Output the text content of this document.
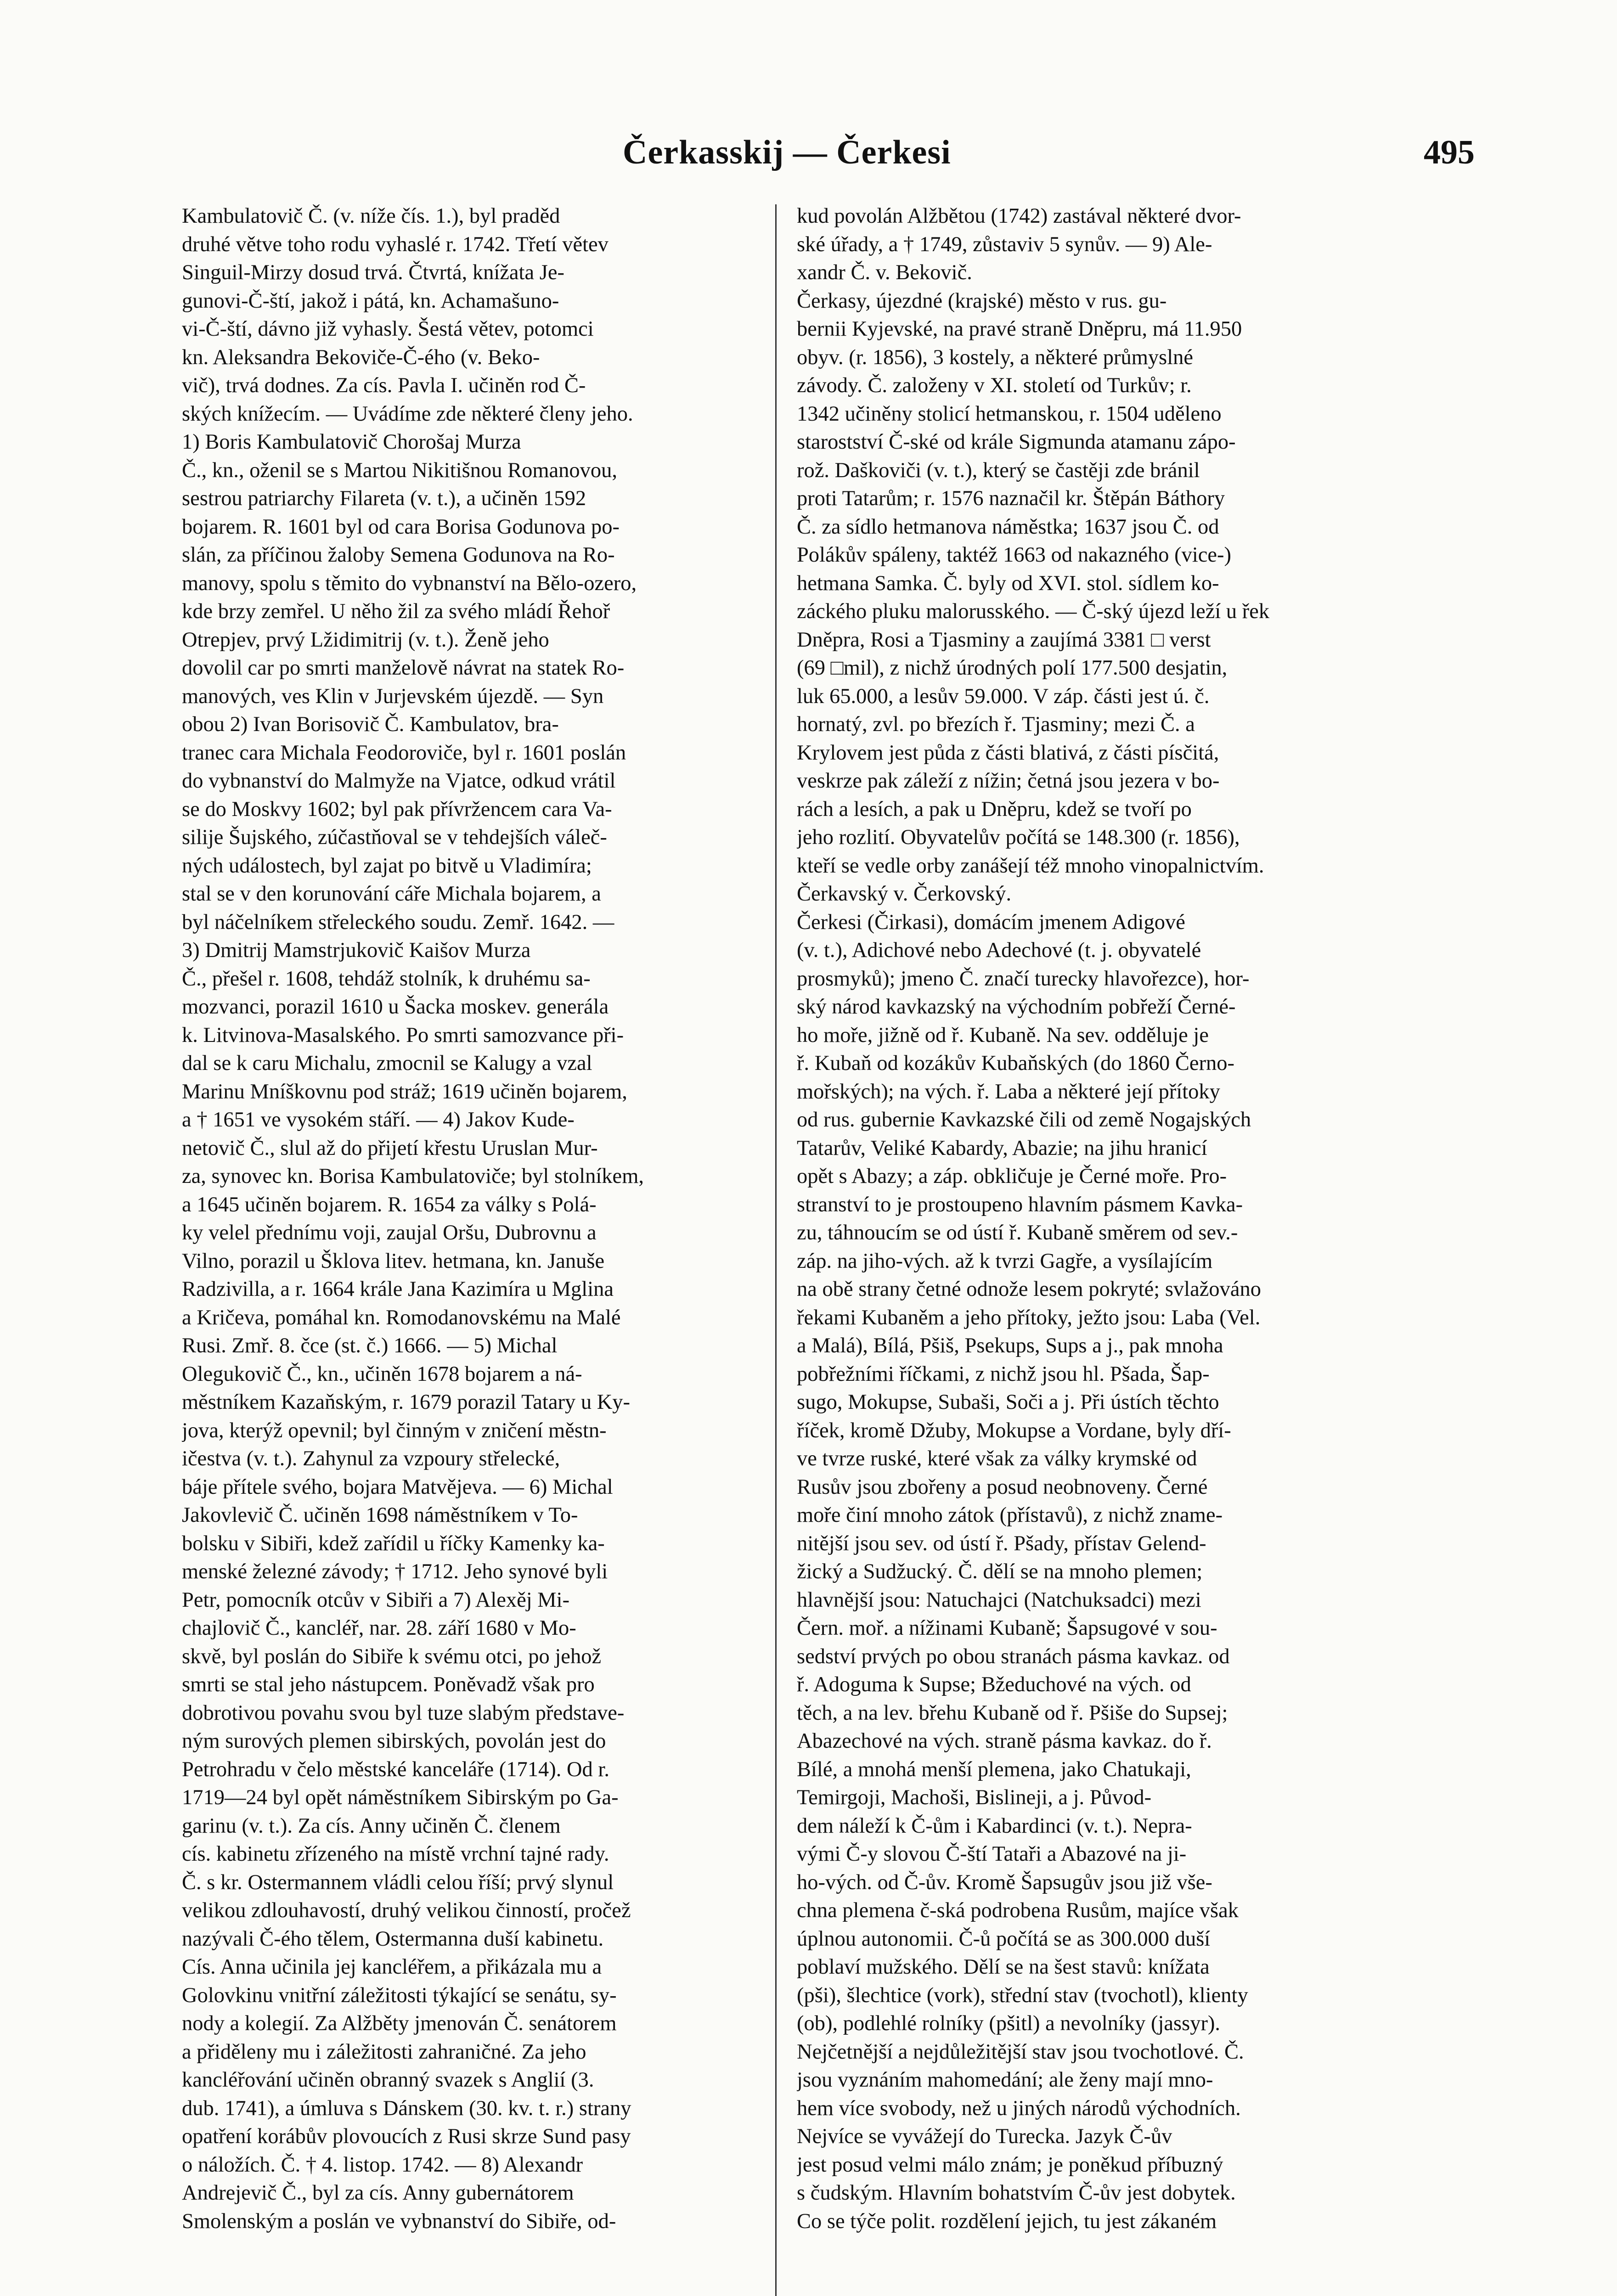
Čerkasskij — Čerkesi	495
Kambulatovič Č. (v. níže čís. 1.), byl praděd
druhé větve toho rodu vyhaslé r. 1742. Třetí větev
Singuil-Mirzy dosud trvá. Čtvrtá, knížata Je-
gunovi-Č-ští, jakož i pátá, kn. Achamašuno-
vi-Č-ští, dávno již vyhasly. Šestá větev, potomci
kn. Aleksandra Bekoviče-Č-ého (v. Beko-
vič), trvá dodnes. Za cís. Pavla I. učiněn rod Č-
ských knížecím. — Uvádíme zde některé členy jeho.
1) Boris Kambulatovič Chorošaj Murza
Č., kn., oženil se s Martou Nikitišnou Romanovou,
sestrou patriarchy Filareta (v. t.), a učiněn 1592
bojarem. R. 1601 byl od cara Borisa Godunova po-
slán, za příčinou žaloby Semena Godunova na Ro-
manovy, spolu s těmito do vybnanství na Bělo-ozero,
kde brzy zemřel. U něho žil za svého mládí Řehoř
Otrepjev, prvý Lžidimitrij (v. t.). Ženě jeho
dovolil car po smrti manželově návrat na statek Ro-
manových, ves Klin v Jurjevském újezdě. — Syn
obou 2) Ivan Borisovič Č. Kambulatov, bra-
tranec cara Michala Feodoroviče, byl r. 1601 poslán
do vybnanství do Malmyže na Vjatce, odkud vrátil
se do Moskvy 1602; byl pak přívržencem cara Va-
silije Šujského, zúčastňoval se v tehdejších váleč-
ných událostech, byl zajat po bitvě u Vladimíra;
stal se v den korunování cáře Michala bojarem, a
byl náčelníkem střeleckého soudu. Zemř. 1642. —
3) Dmitrij Mamstrjukovič Kaišov Murza
Č., přešel r. 1608, tehdáž stolník, k druhému sa-
mozvanci, porazil 1610 u Šacka moskev. generála
k. Litvinova-Masalského. Po smrti samozvance při-
dal se k caru Michalu, zmocnil se Kalugy a vzal
Marinu Mníškovnu pod stráž; 1619 učiněn bojarem,
a † 1651 ve vysokém stáří. — 4) Jakov Kude-
netovič Č., slul až do přijetí křestu Uruslan Mur-
za, synovec kn. Borisa Kambulatoviče; byl stolníkem,
a 1645 učiněn bojarem. R. 1654 za války s Polá-
ky velel přednímu voji, zaujal Oršu, Dubrovnu a
Vilno, porazil u Šklova litev. hetmana, kn. Januše
Radzivilla, a r. 1664 krále Jana Kazimíra u Mglina
a Kričeva, pomáhal kn. Romodanovskému na Malé
Rusi. Zmř. 8. čce (st. č.) 1666. — 5) Michal
Olegukovič Č., kn., učiněn 1678 bojarem a ná-
městníkem Kazaňským, r. 1679 porazil Tatary u Ky-
jova, kterýž opevnil; byl činným v zničení městn-
ičestva (v. t.). Zahynul za vzpoury střelecké,
báje přítele svého, bojara Matvějeva. — 6) Michal
Jakovlevič Č. učiněn 1698 náměstníkem v To-
bolsku v Sibiři, kdež zařídil u říčky Kamenky ka-
menské železné závody; † 1712. Jeho synové byli
Petr, pomocník otcův v Sibiři a 7) Alexěj Mi-
chajlovič Č., kancléř, nar. 28. září 1680 v Mo-
skvě, byl poslán do Sibiře k svému otci, po jehož
smrti se stal jeho nástupcem. Poněvadž však pro
dobrotivou povahu svou byl tuze slabým představe-
ným surových plemen sibirských, povolán jest do
Petrohradu v čelo městské kanceláře (1714). Od r.
1719—24 byl opět náměstníkem Sibirským po Ga-
garinu (v. t.). Za cís. Anny učiněn Č. členem
cís. kabinetu zřízeného na místě vrchní tajné rady.
Č. s kr. Ostermannem vládli celou říší; prvý slynul
velikou zdlouhavostí, druhý velikou činností, pročež
nazývali Č-ého tělem, Ostermanna duší kabinetu.
Cís. Anna učinila jej kancléřem, a přikázala mu a
Golovkinu vnitřní záležitosti týkající se senátu, sy-
nody a kolegií. Za Alžběty jmenován Č. senátorem
a přiděleny mu i záležitosti zahraničné. Za jeho
kancléřování učiněn obranný svazek s Anglií (3.
dub. 1741), a úmluva s Dánskem (30. kv. t. r.) strany
opatření korábův plovoucích z Rusi skrze Sund pasy
o náložích. Č. † 4. listop. 1742. — 8) Alexandr
Andrejevič Č., byl za cís. Anny gubernátorem
Smolenským a poslán ve vybnanství do Sibiře, od-
kud povolán Alžbětou (1742) zastával některé dvor-
ské úřady, a † 1749, zůstaviv 5 synův. — 9) Ale-
xandr Č. v. Bekovič.
Čerkasy, újezdné (krajské) město v rus. gu-
bernii Kyjevské, na pravé straně Dněpru, má 11.950
obyv. (r. 1856), 3 kostely, a některé průmyslné
závody. Č. založeny v XI. století od Turkův; r.
1342 učiněny stolicí hetmanskou, r. 1504 uděleno
starostství Č-ské od krále Sigmunda atamanu zápo-
rož. Daškoviči (v. t.), který se častěji zde bránil
proti Tatarům; r. 1576 naznačil kr. Štěpán Báthory
Č. za sídlo hetmanova náměstka; 1637 jsou Č. od
Polákův spáleny, taktéž 1663 od nakazného (vice-)
hetmana Samka. Č. byly od XVI. stol. sídlem ko-
záckého pluku malorusského. — Č-ský újezd leží u řek
Dněpra, Rosi a Tjasminy a zaujímá 3381 □ verst
(69 □mil), z nichž úrodných polí 177.500 desjatin,
luk 65.000, a lesův 59.000. V záp. části jest ú. č.
hornatý, zvl. po březích ř. Tjasminy; mezi Č. a
Krylovem jest půda z části blativá, z části písčitá,
veskrze pak záleží z nížin; četná jsou jezera v bo-
rách a lesích, a pak u Dněpru, kdež se tvoří po
jeho rozlití. Obyvatelův počítá se 148.300 (r. 1856),
kteří se vedle orby zanášejí též mnoho vinopalnictvím.
Čerkavský v. Čerkovský.
Čerkesi (Čirkasi), domácím jmenem Adigové
(v. t.), Adichové nebo Adechové (t. j. obyvatelé
prosmyků); jmeno Č. značí turecky hlavořezce), hor-
ský národ kavkazský na východním pobřeží Černé-
ho moře, jižně od ř. Kubaně. Na sev. odděluje je
ř. Kubaň od kozákův Kubaňských (do 1860 Černo-
mořských); na vých. ř. Laba a některé její přítoky
od rus. gubernie Kavkazské čili od země Nogajských
Tatarův, Veliké Kabardy, Abazie; na jihu hranicí
opět s Abazy; a záp. obkličuje je Černé moře. Pro-
stranství to je prostoupeno hlavním pásmem Kavka-
zu, táhnoucím se od ústí ř. Kubaně směrem od sev.-
záp. na jiho-vých. až k tvrzi Gagře, a vysílajícím
na obě strany četné odnože lesem pokryté; svlažováno
řekami Kubaněm a jeho přítoky, ježto jsou: Laba (Vel.
a Malá), Bílá, Pšiš, Psekups, Sups a j., pak mnoha
pobřežními říčkami, z nichž jsou hl. Pšada, Šap-
sugo, Mokupse, Subaši, Soči a j. Při ústích těchto
říček, kromě Džuby, Mokupse a Vordane, byly dří-
ve tvrze ruské, které však za války krymské od
Rusův jsou zbořeny a posud neobnoveny. Černé
moře činí mnoho zátok (přístavů), z nichž zname-
nitější jsou sev. od ústí ř. Pšady, přístav Gelend-
žický a Sudžucký. Č. dělí se na mnoho plemen;
hlavnější jsou: Natuchajci (Natchuksadci) mezi
Čern. moř. a nížinami Kubaně; Šapsugové v sou-
sedství prvých po obou stranách pásma kavkaz. od
ř. Adoguma k Supse; Bžeduchové na vých. od
těch, a na lev. břehu Kubaně od ř. Pšiše do Supsej;
Abazechové na vých. straně pásma kavkaz. do ř.
Bílé, a mnohá menší plemena, jako Chatukaji,
Temirgoji, Machoši, Bislineji, a j. Původ-
dem náleží k Č-ům i Kabardinci (v. t.). Nepra-
vými Č-y slovou Č-ští Tataři a Abazové na ji-
ho-vých. od Č-ův. Kromě Šapsugův jsou již vše-
chna plemena č-ská podrobena Rusům, majíce však
úplnou autonomii. Č-ů počítá se as 300.000 duší
poblaví mužského. Dělí se na šest stavů: knížata
(pši), šlechtice (vork), střední stav (tvochotl), klienty
(ob), podlehlé rolníky (pšitl) a nevolníky (jassyr).
Nejčetnější a nejdůležitější stav jsou tvochotlové. Č.
jsou vyznáním mahomedání; ale ženy mají mno-
hem více svobody, než u jiných národů východních.
Nejvíce se vyvážejí do Turecka. Jazyk Č-ův
jest posud velmi málo znám; je poněkud příbuzný
s čudským. Hlavním bohatstvím Č-ův jest dobytek.
Co se týče polit. rozdělení jejich, tu jest zákaném
